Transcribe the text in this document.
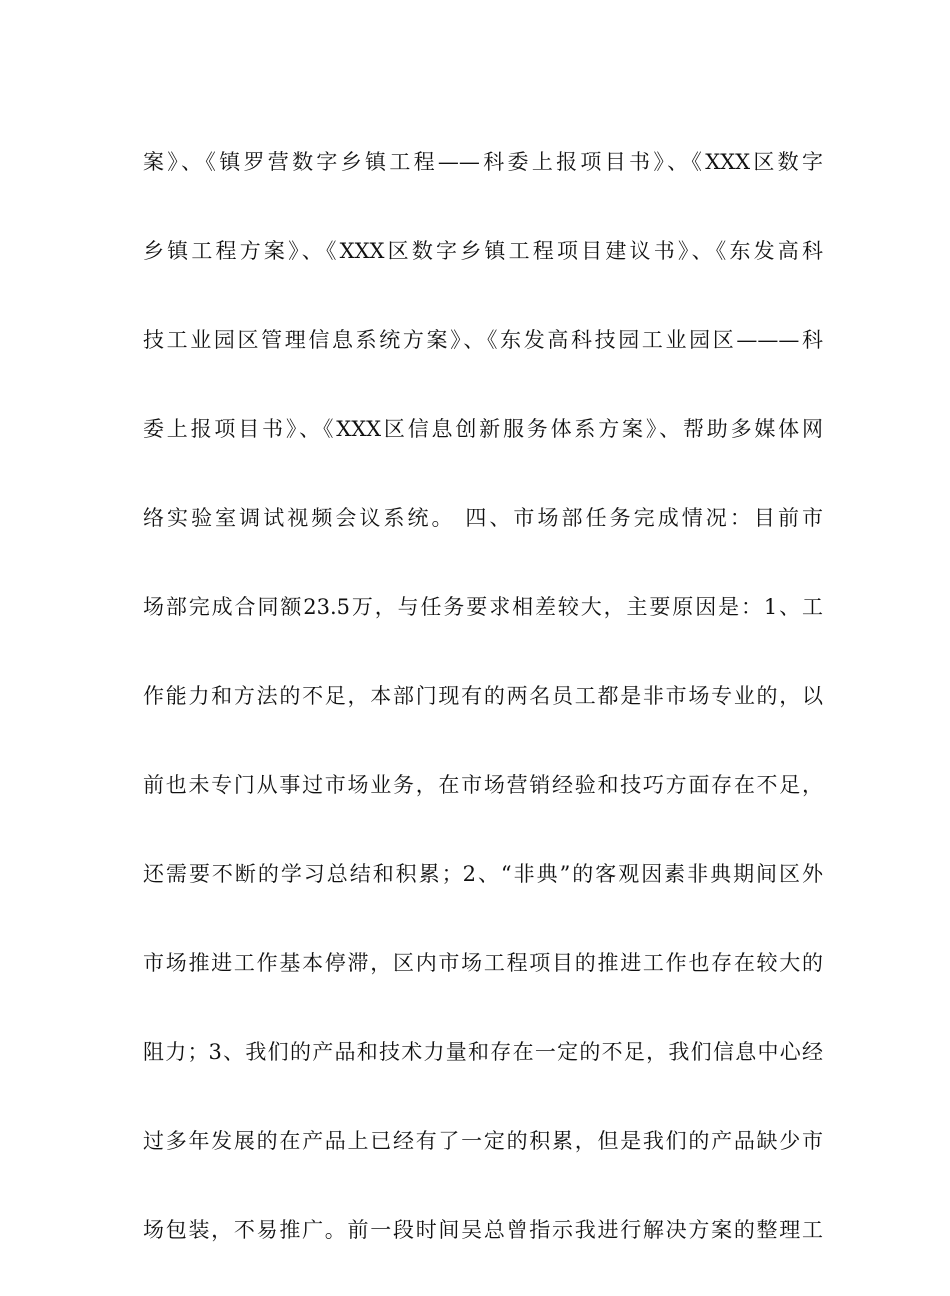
案》、《镇罗营数字乡镇工程——科委上报项目书》、《XXX区数字
乡镇工程方案》、《XXX区数字乡镇工程项目建议书》、《东发高科
技工业园区管理信息系统方案》、《东发高科技园工业园区———科
委上报项目书》、《XXX区信息创新服务体系方案》、帮助多媒体网
络实验室调试视频会议系统。 四、市场部任务完成情况：目前市
场部完成合同额23.5万，与任务要求相差较大，主要原因是：1、工
作能力和方法的不足，本部门现有的两名员工都是非市场专业的，以
前也未专门从事过市场业务，在市场营销经验和技巧方面存在不足，
还需要不断的学习总结和积累；2、“非典”的客观因素非典期间区外
市场推进工作基本停滞，区内市场工程项目的推进工作也存在较大的
阻力；3、我们的产品和技术力量和存在一定的不足，我们信息中心经
过多年发展的在产品上已经有了一定的积累，但是我们的产品缺少市
场包装，不易推广。前一段时间吴总曾指示我进行解决方案的整理工
